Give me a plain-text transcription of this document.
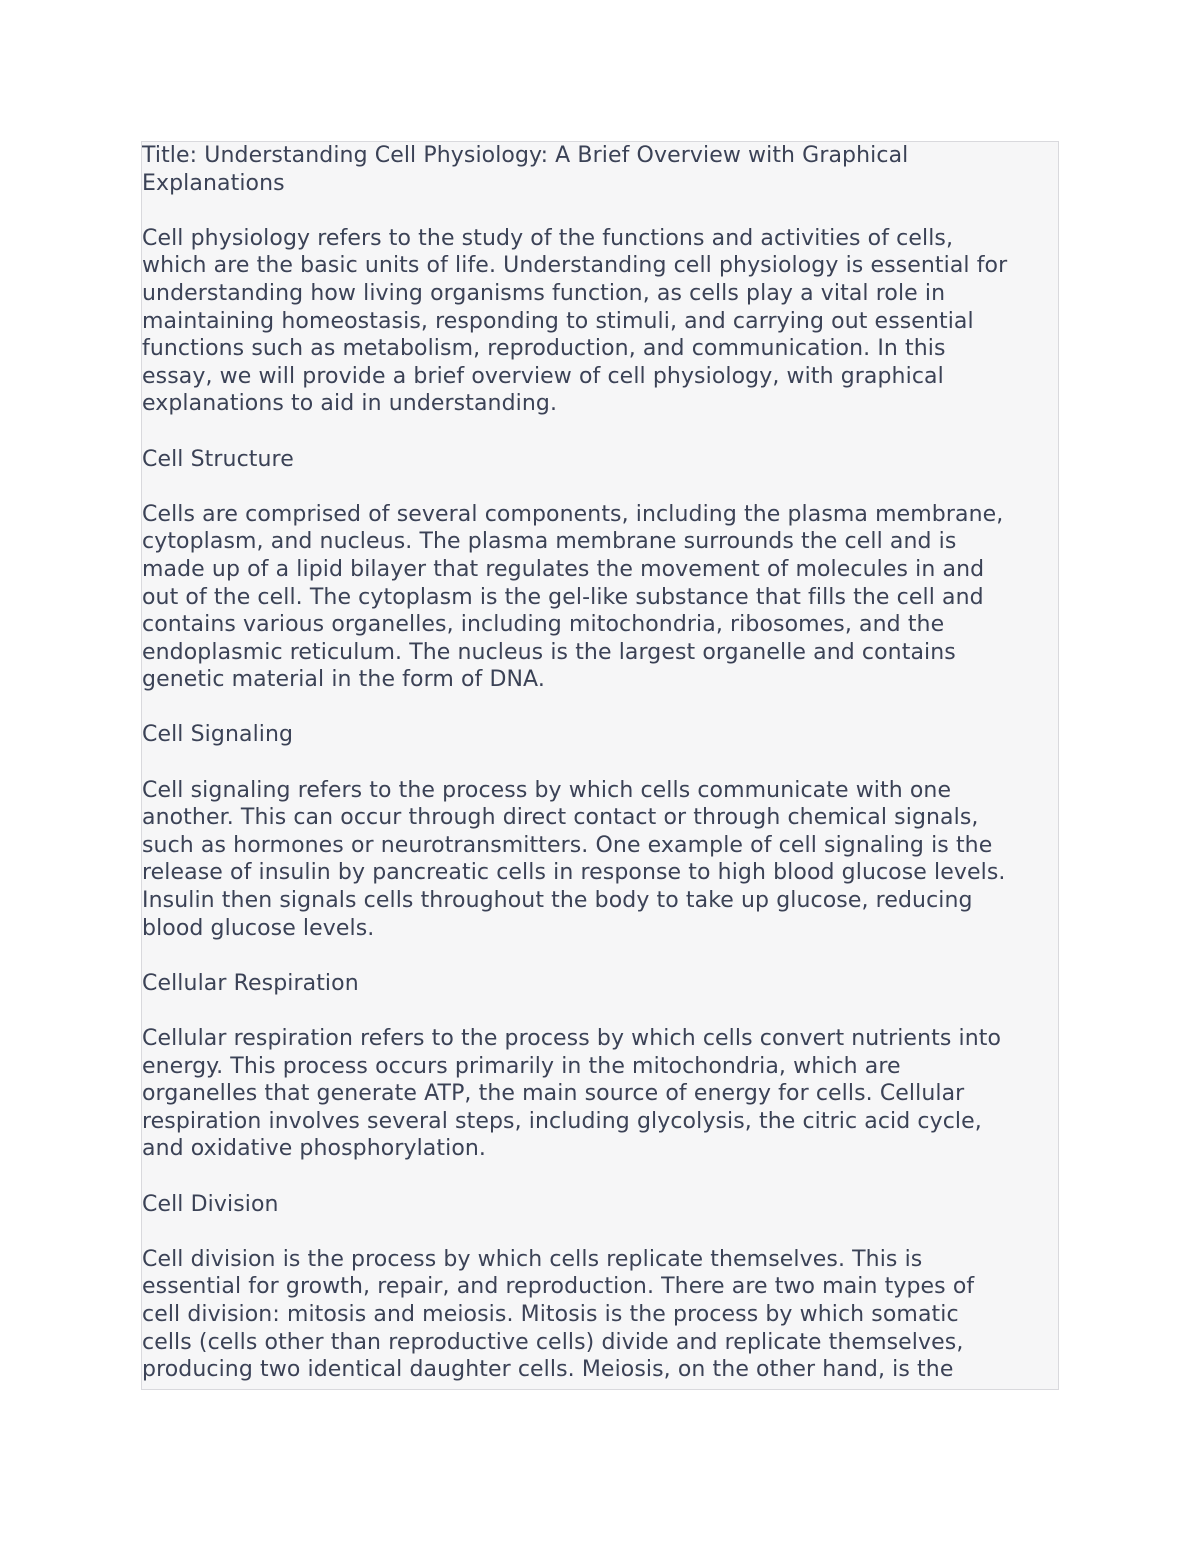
Title: Understanding Cell Physiology: A Brief Overview with Graphical
Explanations
Cell physiology refers to the study of the functions and activities of cells,
which are the basic units of life. Understanding cell physiology is essential for
understanding how living organisms function, as cells play a vital role in
maintaining homeostasis, responding to stimuli, and carrying out essential
functions such as metabolism, reproduction, and communication. In this
essay, we will provide a brief overview of cell physiology, with graphical
explanations to aid in understanding.
Cell Structure
Cells are comprised of several components, including the plasma membrane,
cytoplasm, and nucleus. The plasma membrane surrounds the cell and is
made up of a lipid bilayer that regulates the movement of molecules in and
out of the cell. The cytoplasm is the gel-like substance that fills the cell and
contains various organelles, including mitochondria, ribosomes, and the
endoplasmic reticulum. The nucleus is the largest organelle and contains
genetic material in the form of DNA.
Cell Signaling
Cell signaling refers to the process by which cells communicate with one
another. This can occur through direct contact or through chemical signals,
such as hormones or neurotransmitters. One example of cell signaling is the
release of insulin by pancreatic cells in response to high blood glucose levels.
Insulin then signals cells throughout the body to take up glucose, reducing
blood glucose levels.
Cellular Respiration
Cellular respiration refers to the process by which cells convert nutrients into
energy. This process occurs primarily in the mitochondria, which are
organelles that generate ATP, the main source of energy for cells. Cellular
respiration involves several steps, including glycolysis, the citric acid cycle,
and oxidative phosphorylation.
Cell Division
Cell division is the process by which cells replicate themselves. This is
essential for growth, repair, and reproduction. There are two main types of
cell division: mitosis and meiosis. Mitosis is the process by which somatic
cells (cells other than reproductive cells) divide and replicate themselves,
producing two identical daughter cells. Meiosis, on the other hand, is the
